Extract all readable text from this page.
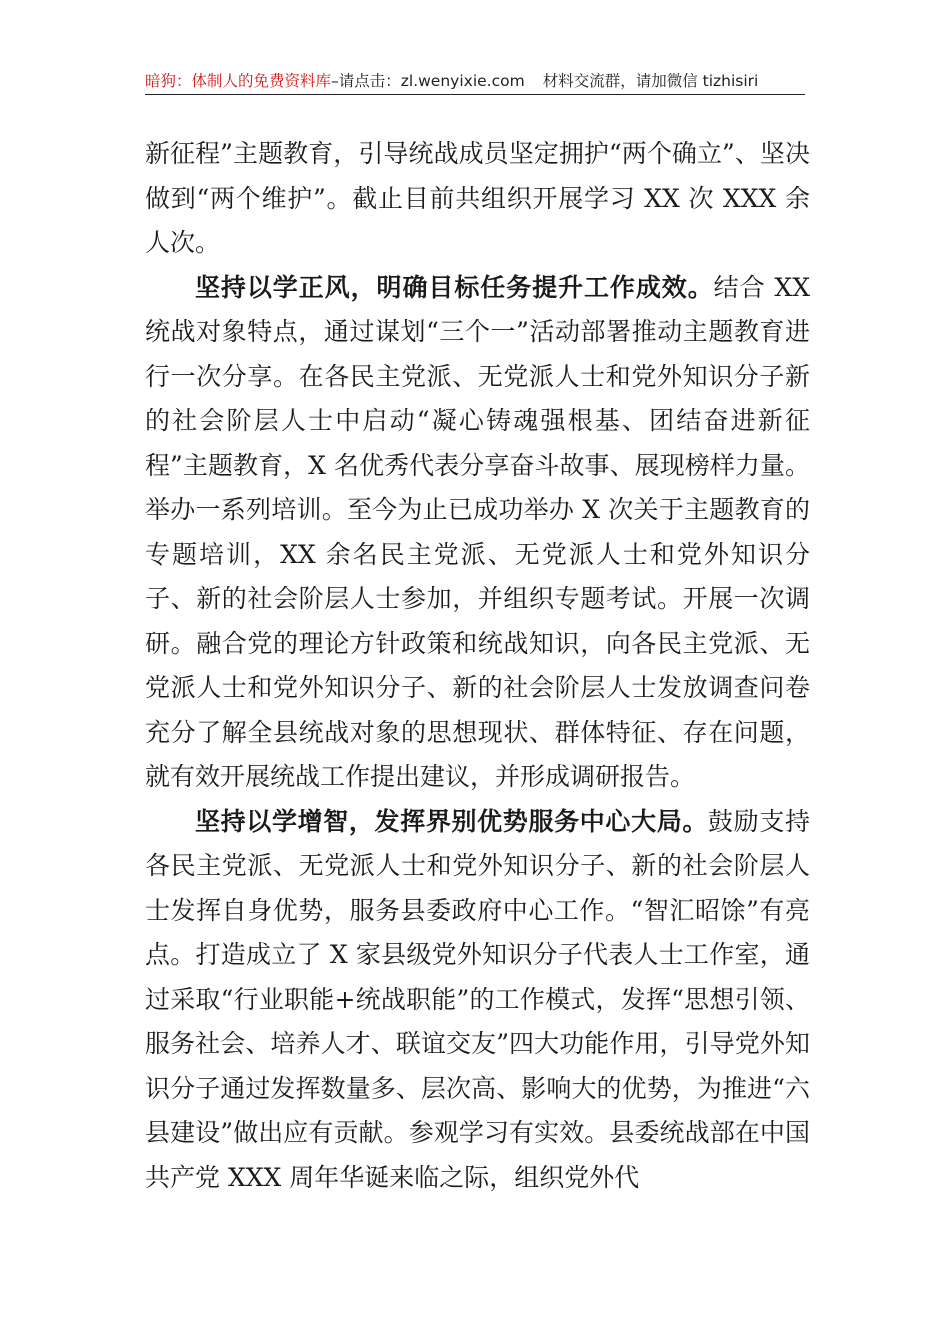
暗狗：体制人的免费资料库–请点击：zl.wenyixie.com 材料交流群，请加微信 tizhisiri

新征程”主题教育，引导统战成员坚定拥护“两个确立”、坚决做到“两个维护”。截止目前共组织开展学习 XX 次 XXX 余人次。

坚持以学正风，明确目标任务提升工作成效。结合 XX 统战对象特点，通过谋划“三个一”活动部署推动主题教育进行一次分享。在各民主党派、无党派人士和党外知识分子新的社会阶层人士中启动“凝心铸魂强根基、团结奋进新征程”主题教育，X 名优秀代表分享奋斗故事、展现榜样力量。举办一系列培训。至今为止已成功举办 X 次关于主题教育的专题培训，XX 余名民主党派、无党派人士和党外知识分子、新的社会阶层人士参加，并组织专题考试。开展一次调研。融合党的理论方针政策和统战知识，向各民主党派、无党派人士和党外知识分子、新的社会阶层人士发放调查问卷充分了解全县统战对象的思想现状、群体特征、存在问题，就有效开展统战工作提出建议，并形成调研报告。

坚持以学增智，发挥界别优势服务中心大局。鼓励支持各民主党派、无党派人士和党外知识分子、新的社会阶层人士发挥自身优势，服务县委政府中心工作。“智汇昭馀”有亮点。打造成立了 X 家县级党外知识分子代表人士工作室，通过采取“行业职能+统战职能”的工作模式，发挥“思想引领、服务社会、培养人才、联谊交友”四大功能作用，引导党外知识分子通过发挥数量多、层次高、影响大的优势，为推进“六县建设”做出应有贡献。参观学习有实效。县委统战部在中国共产党 XXX 周年华诞来临之际，组织党外代
